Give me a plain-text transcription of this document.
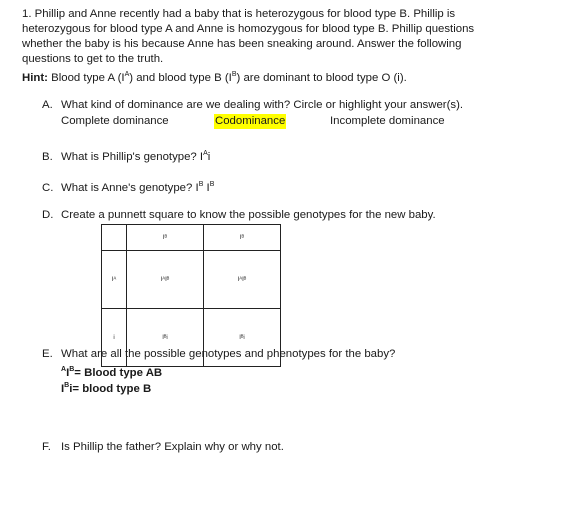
1. Phillip and Anne recently had a baby that is heterozygous for blood type B. Phillip is heterozygous for blood type A and Anne is homozygous for blood type B. Phillip questions whether the baby is his because Anne has been sneaking around. Answer the following questions to get to the truth.
Hint: Blood type A $(I^A)$ and blood type B $(I^B)$ are dominant to blood type O (i).
A. What kind of dominance are we dealing with? Circle or highlight your answer(s).
Complete dominance	Codominance	Incomplete dominance
B. What is Phillip's genotype? $I^Ai$
C. What is Anne's genotype? $I^B$ $I^B$
D. Create a punnett square to know the possible genotypes for the new baby.
	Iᴮ	Iᴮ
Iᴬ	IᴬIᴮ	IᴬIᴮ
i	Iᴮi	Iᴮi
E. What are all the possible genotypes and phenotypes for the baby?
$^AI^B=$ Blood type AB
$I^Bi=$ blood type B
F. Is Phillip the father? Explain why or why not.
